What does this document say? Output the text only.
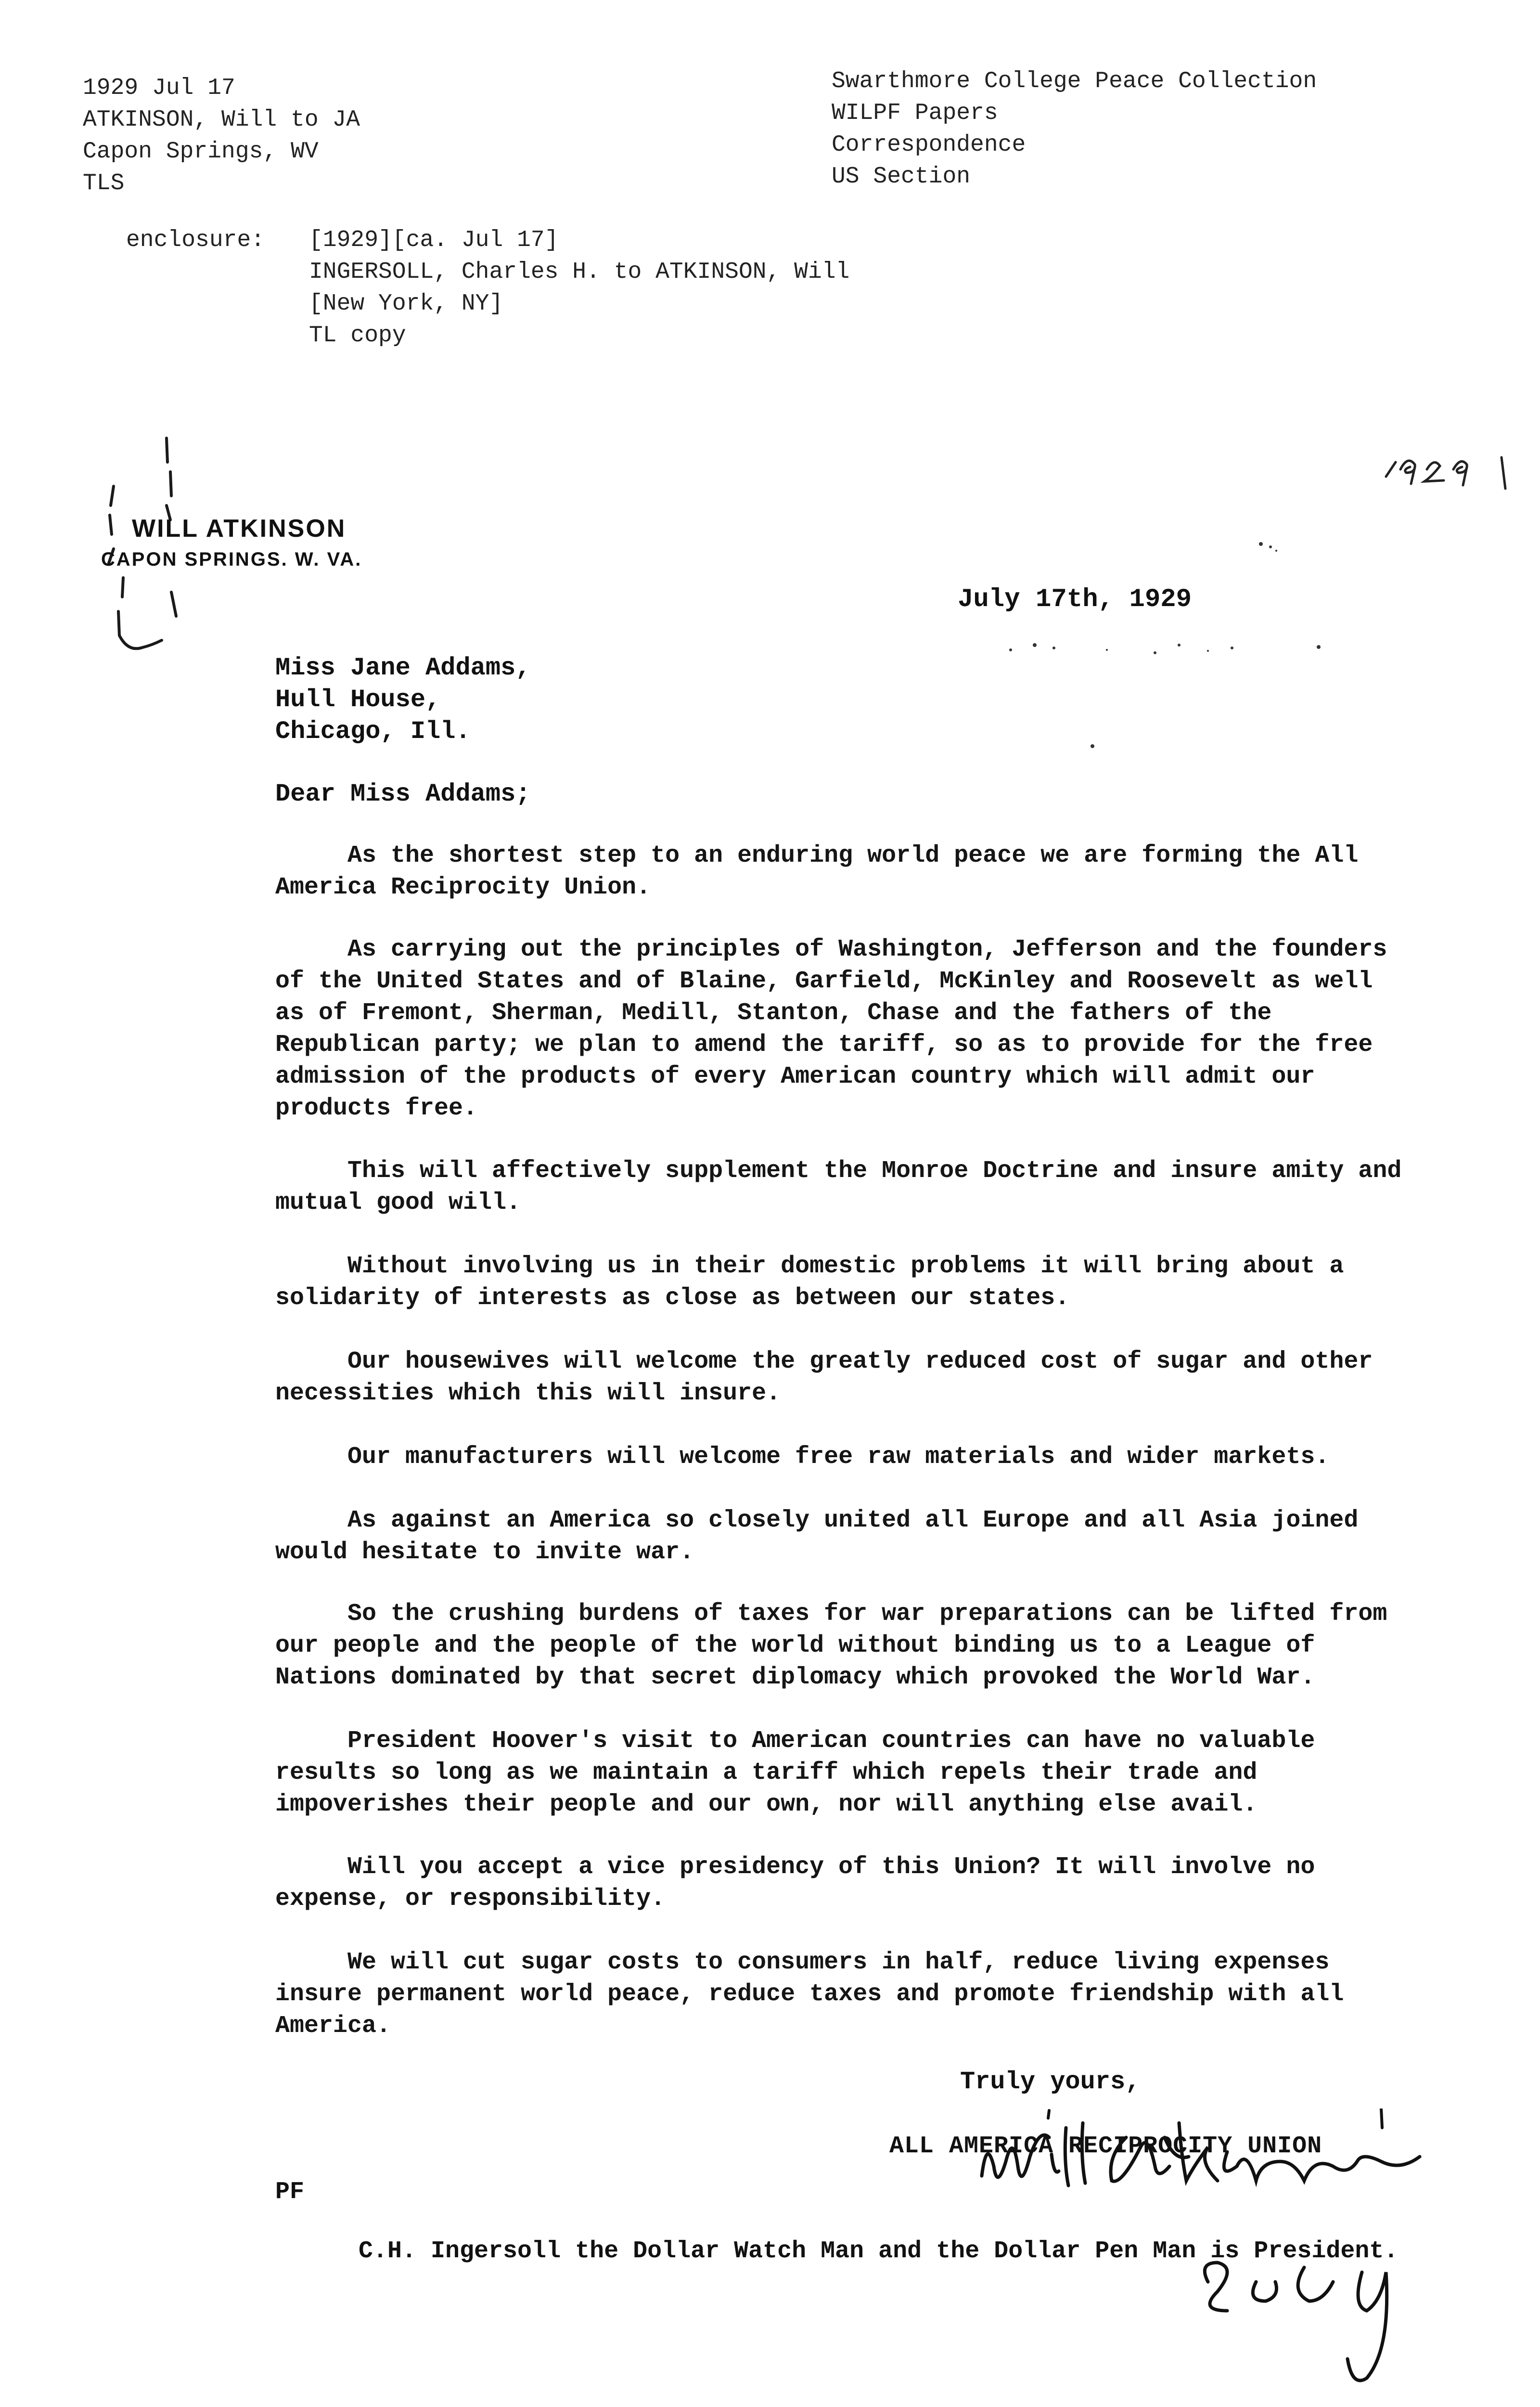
1929 Jul 17
ATKINSON, Will to JA
Capon Springs, WV
TLS
Swarthmore College Peace Collection
WILPF Papers
Correspondence
US Section
enclosure: [1929][ca. Jul 17]
INGERSOLL, Charles H. to ATKINSON, Will
[New York, NY]
TL copy
WILL ATKINSON
CAPON SPRINGS. W. VA.
July 17th, 1929
Miss Jane Addams,
Hull House,
Chicago, Ill.
Dear Miss Addams;
As the shortest step to an enduring world peace we are forming the All America Reciprocity Union.
As carrying out the principles of Washington, Jefferson and the founders of the United States and of Blaine, Garfield, McKinley and Roosevelt as well as of Fremont, Sherman, Medill, Stanton, Chase and the fathers of the Republican party; we plan to amend the tariff, so as to provide for the free admission of the products of every American country which will admit our products free.
This will affectively supplement the Monroe Doctrine and insure amity and mutual good will.
Without involving us in their domestic problems it will bring about a solidarity of interests as close as between our states.
Our housewives will welcome the greatly reduced cost of sugar and other necessities which this will insure.
Our manufacturers will welcome free raw materials and wider markets.
As against an America so closely united all Europe and all Asia joined would hesitate to invite war.
So the crushing burdens of taxes for war preparations can be lifted from our people and the people of the world without binding us to a League of Nations dominated by that secret diplomacy which provoked the World War.
President Hoover's visit to American countries can have no valuable results so long as we maintain a tariff which repels their trade and impoverishes their people and our own, nor will anything else avail.
Will you accept a vice presidency of this Union? It will involve no expense, or responsibility.
We will cut sugar costs to consumers in half, reduce living expenses insure permanent world peace, reduce taxes and promote friendship with all America.
Truly yours,
ALL AMERICA RECIPROCITY UNION
PF
C.H. Ingersoll the Dollar Watch Man and the Dollar Pen Man is President.
